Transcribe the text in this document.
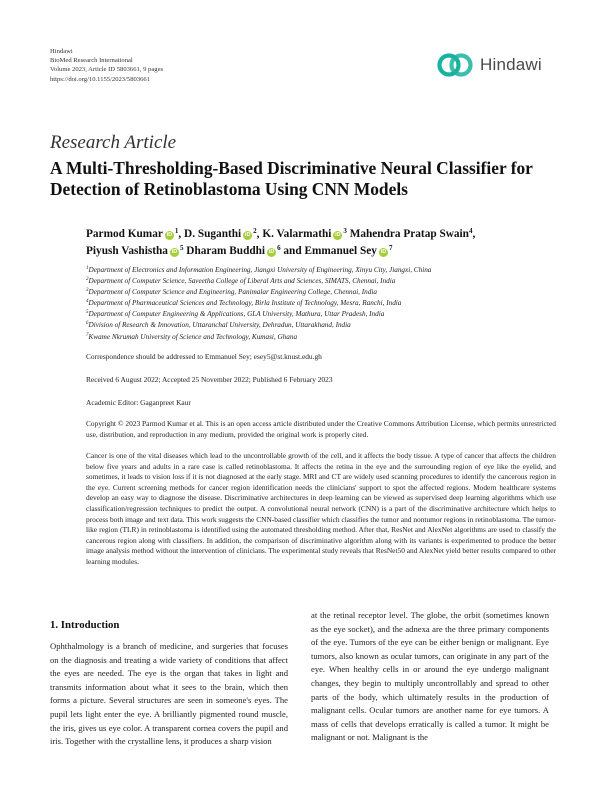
Hindawi
BioMed Research International
Volume 2023, Article ID 5803661, 9 pages
https://doi.org/10.1155/2023/5803661
Hindawi
Research Article
A Multi-Thresholding-Based Discriminative Neural Classifier for Detection of Retinoblastoma Using CNN Models
Parmod Kumar iD $^1$, D. Suganthi iD $^2$, K. Valarmathi iD $^3$ Mahendra Pratap Swain$^4$,
Piyush Vashistha iD $^5$ Dharam Buddhi iD $^6$ and Emmanuel Sey iD $^7$
$^1$Department of Electronics and Information Engineering, Jiangxi University of Engineering, Xinyu City, Jiangxi, China
$^2$Department of Computer Science, Saveetha College of Liberal Arts and Sciences, SIMATS, Chennai, India
$^3$Department of Computer Science and Engineering, Panimalar Engineering College, Chennai, India
$^4$Department of Pharmaceutical Sciences and Technology, Birla Institute of Technology, Mesra, Ranchi, India
$^5$Department of Computer Engineering & Applications, GLA University, Mathura, Uttar Pradesh, India
$^6$Division of Research & Innovation, Uttaranchal University, Dehradun, Uttarakhand, India
$^7$Kwame Nkrumah University of Science and Technology, Kumasi, Ghana
Correspondence should be addressed to Emmanuel Sey; esey5@st.knust.edu.gh
Received 6 August 2022; Accepted 25 November 2022; Published 6 February 2023
Academic Editor: Gaganpreet Kaur
Copyright © 2023 Parmod Kumar et al. This is an open access article distributed under the Creative Commons Attribution License, which permits unrestricted use, distribution, and reproduction in any medium, provided the original work is properly cited.
Cancer is one of the vital diseases which lead to the uncontrollable growth of the cell, and it affects the body tissue. A type of cancer that affects the children below five years and adults in a rare case is called retinoblastoma. It affects the retina in the eye and the surrounding region of eye like the eyelid, and sometimes, it leads to vision loss if it is not diagnosed at the early stage. MRI and CT are widely used scanning procedures to identify the cancerous region in the eye. Current screening methods for cancer region identification needs the clinicians' support to spot the affected regions. Modern healthcare systems develop an easy way to diagnose the disease. Discriminative architectures in deep learning can be viewed as supervised deep learning algorithms which use classification/regression techniques to predict the output. A convolutional neural network (CNN) is a part of the discriminative architecture which helps to process both image and text data. This work suggests the CNN-based classifier which classifies the tumor and nontumor regions in retinoblastoma. The tumor-like region (TLR) in retinoblastoma is identified using the automated thresholding method. After that, ResNet and AlexNet algorithms are used to classify the cancerous region along with classifiers. In addition, the comparison of discriminative algorithm along with its variants is experimented to produce the better image analysis method without the intervention of clinicians. The experimental study reveals that ResNet50 and AlexNet yield better results compared to other learning modules.
1. Introduction
Ophthalmology is a branch of medicine, and surgeries that focuses on the diagnosis and treating a wide variety of conditions that affect the eyes are needed. The eye is the organ that takes in light and transmits information about what it sees to the brain, which then forms a picture. Several structures are seen in someone's eyes. The pupil lets light enter the eye. A brilliantly pigmented round muscle, the iris, gives us eye color. A transparent cornea covers the pupil and iris. Together with the crystalline lens, it produces a sharp vision
at the retinal receptor level. The globe, the orbit (sometimes known as the eye socket), and the adnexa are the three primary components of the eye. Tumors of the eye can be either benign or malignant. Eye tumors, also known as ocular tumors, can originate in any part of the eye. When healthy cells in or around the eye undergo malignant changes, they begin to multiply uncontrollably and spread to other parts of the body, which ultimately results in the production of malignant cells. Ocular tumors are another name for eye tumors. A mass of cells that develops erratically is called a tumor. It might be malignant or not. Malignant is the
